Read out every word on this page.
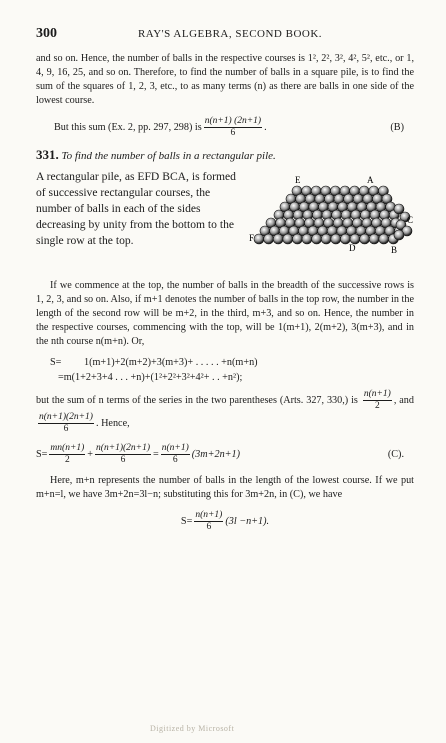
300	RAY'S ALGEBRA, SECOND BOOK.

and so on. Hence, the number of balls in the respective courses is 1², 2², 3², 4², 5², etc., or 1, 4, 9, 16, 25, and so on. Therefore, to find the number of balls in a square pile, is to find the sum of the squares of 1, 2, 3, etc., to as many terms (n) as there are balls in one side of the lowest course.

But this sum (Ex. 2, pp. 297, 298) is $\frac{n(n+1) (2n+1)}{6}$ .	(B)
331. To find the number of balls in a rectangular pile.
A rectangular pile, as EFD BCA, is formed of successive rectangular courses, the number of balls in each of the sides decreasing by unity from the bottom to the single row at the top.
E	A
C
F
D	B

If we commence at the top, the number of balls in the breadth of the successive rows is 1, 2, 3, and so on. Also, if m+1 denotes the number of balls in the top row, the number in the length of the second row will be m+2, in the third, m+3, and so on. Hence, the number in the respective courses, commencing with the top, will be 1(m+1), 2(m+2), 3(m+3), and in the nth course n(m+n). Or,

S= 1(m+1)+2(m+2)+3(m+3)+ . . . . . +n(m+n)
=m(1+2+3+4 . . . +n)+(1²+2²+3²+4²+ . . +n²);

but the sum of n terms of the series in the two parentheses (Arts. 327, 330,) is $\frac{n(n+1)}{2}$ , and
$\frac{n(n+1)(2n+1)}{6}$ . Hence,

$S= \frac{mn(n+1)}{2} + \frac{n(n+1)(2n+1)}{6} = \frac{n(n+1)}{6} (3m+2n+1)$	(C).

Here, m+n represents the number of balls in the length of the lowest course. If we put m+n=l, we have 3m+2n=3l−n; substituting this for 3m+2n, in (C), we have

$S= \frac{n(n+1)}{6} (3l -n+1)$.
Digitized by Microsoft
